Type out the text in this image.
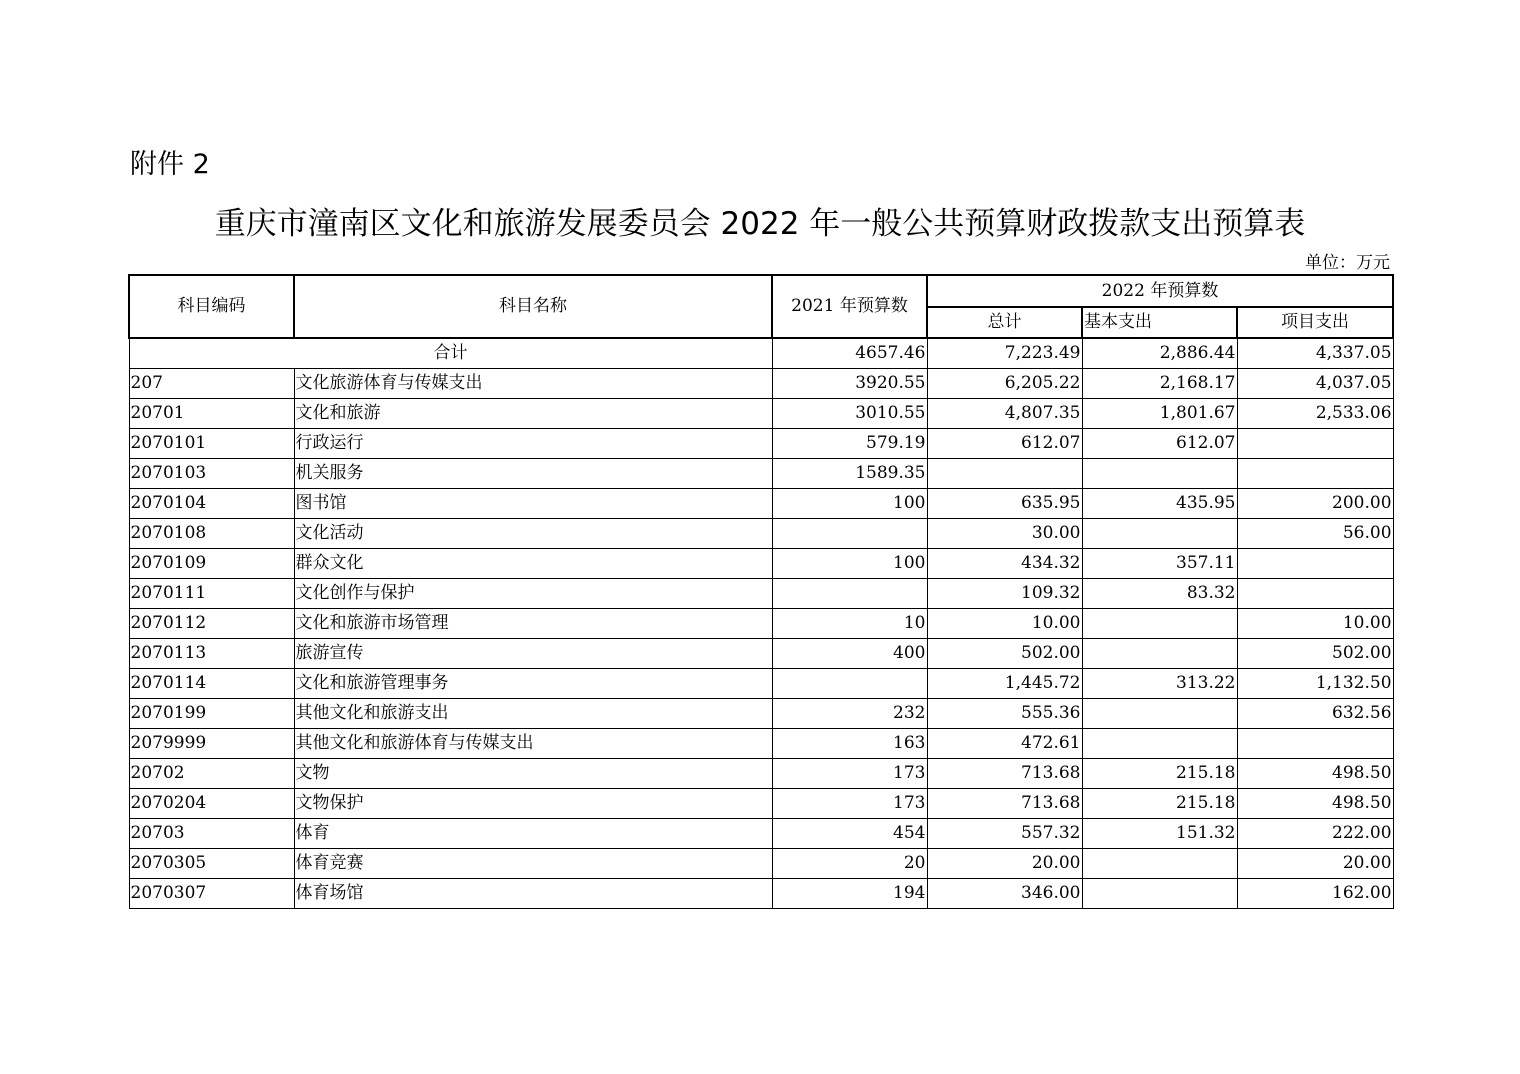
附件 2
重庆市潼南区文化和旅游发展委员会 2022 年一般公共预算财政拨款支出预算表
单位：万元
科目编码	科目名称	2021 年预算数	2022 年预算数		
			总计	基本支出	项目支出
合计		4657.46	7,223.49	2,886.44	4,337.05
207	文化旅游体育与传媒支出	3920.55	6,205.22	2,168.17	4,037.05
20701	文化和旅游	3010.55	4,807.35	1,801.67	2,533.06
2070101	行政运行	579.19	612.07	612.07	
2070103	机关服务	1589.35			
2070104	图书馆	100	635.95	435.95	200.00
2070108	文化活动		30.00		56.00
2070109	群众文化	100	434.32	357.11	
2070111	文化创作与保护		109.32	83.32	
2070112	文化和旅游市场管理	10	10.00		10.00
2070113	旅游宣传	400	502.00		502.00
2070114	文化和旅游管理事务		1,445.72	313.22	1,132.50
2070199	其他文化和旅游支出	232	555.36		632.56
2079999	其他文化和旅游体育与传媒支出	163	472.61		
20702	文物	173	713.68	215.18	498.50
2070204	文物保护	173	713.68	215.18	498.50
20703	体育	454	557.32	151.32	222.00
2070305	体育竞赛	20	20.00		20.00
2070307	体育场馆	194	346.00		162.00
